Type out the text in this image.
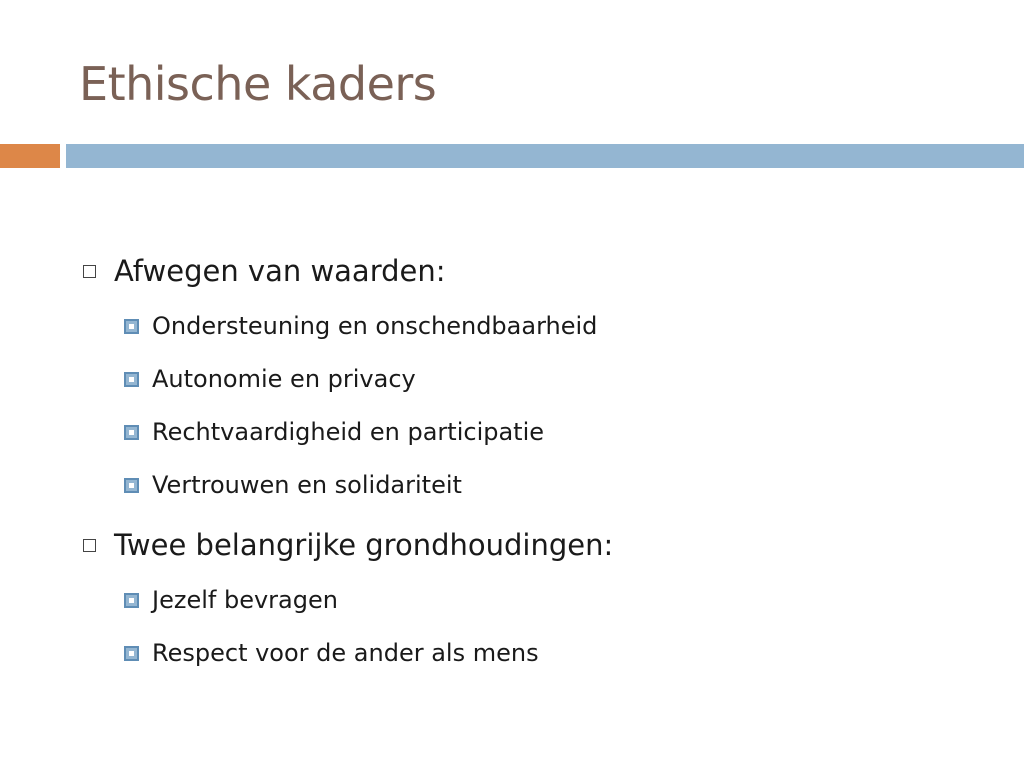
Ethische kaders
Afwegen van waarden:
Ondersteuning en onschendbaarheid
Autonomie en privacy
Rechtvaardigheid en participatie
Vertrouwen en solidariteit
Twee belangrijke grondhoudingen:
Jezelf bevragen
Respect voor de ander als mens
